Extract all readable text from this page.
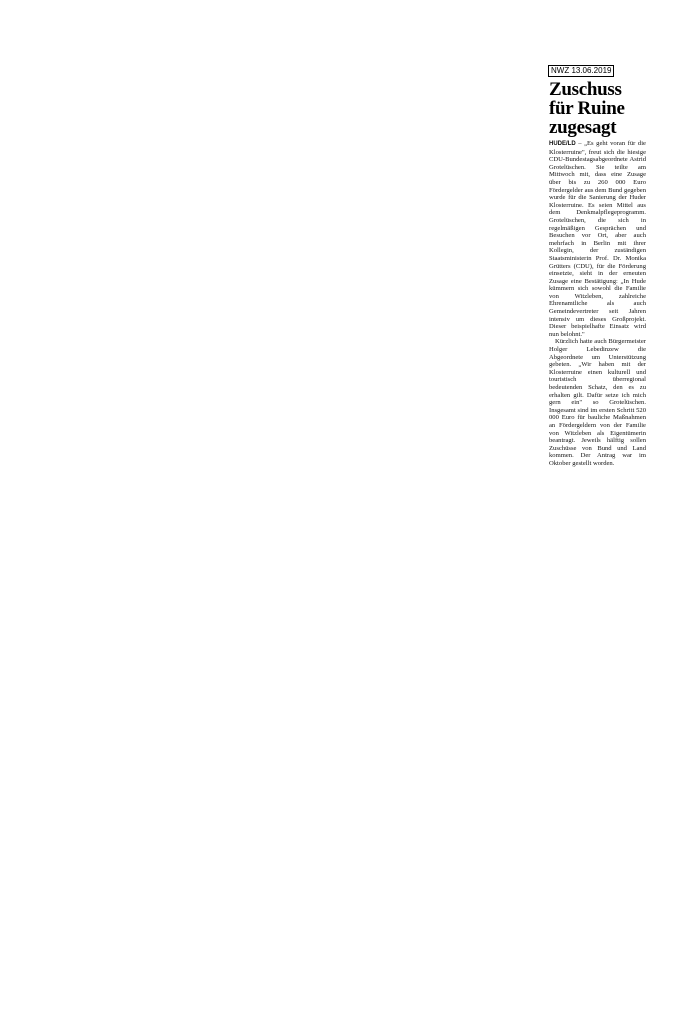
NWZ 13.06.2019
Zuschuss
für Ruine
zugesagt

HUDE/LD – „Es geht voran für die Klosterruine", freut sich die hiesige CDU-Bundestagsabgeordnete Astrid Grotelüschen. Sie teilte am Mittwoch mit, dass eine Zusage über bis zu 260 000 Euro Fördergelder aus dem Bund gegeben wurde für die Sanierung der Huder Klosterruine. Es seien Mittel aus dem Denkmalpflegeprogramm. Grotelüschen, die sich in regelmäßigen Gesprächen und Besuchen vor Ort, aber auch mehrfach in Berlin mit ihrer Kollegin, der zuständigen Staatsministerin Prof. Dr. Monika Grütters (CDU), für die Förderung einsetzte, sieht in der erneuten Zusage eine Bestätigung: „In Hude kümmern sich sowohl die Familie von Witzleben, zahlreiche Ehrenamtliche als auch Gemeindevertreter seit Jahren intensiv um dieses Großprojekt. Dieser beispielhafte Einsatz wird nun belohnt."

Kürzlich hatte auch Bürgermeister Holger Lebedinzew die Abgeordnete um Unterstützung gebeten. „Wir haben mit der Klosterruine einen kulturell und touristisch überregional bedeutenden Schatz, den es zu erhalten gilt. Dafür setze ich mich gern ein" so Grotelüschen. Insgesamt sind im ersten Schritt 520 000 Euro für bauliche Maßnahmen an Fördergeldern von der Familie von Witzleben als Eigentümerin beantragt. Jeweils hälftig sollen Zuschüsse von Bund und Land kommen. Der Antrag war im Oktober gestellt worden.
